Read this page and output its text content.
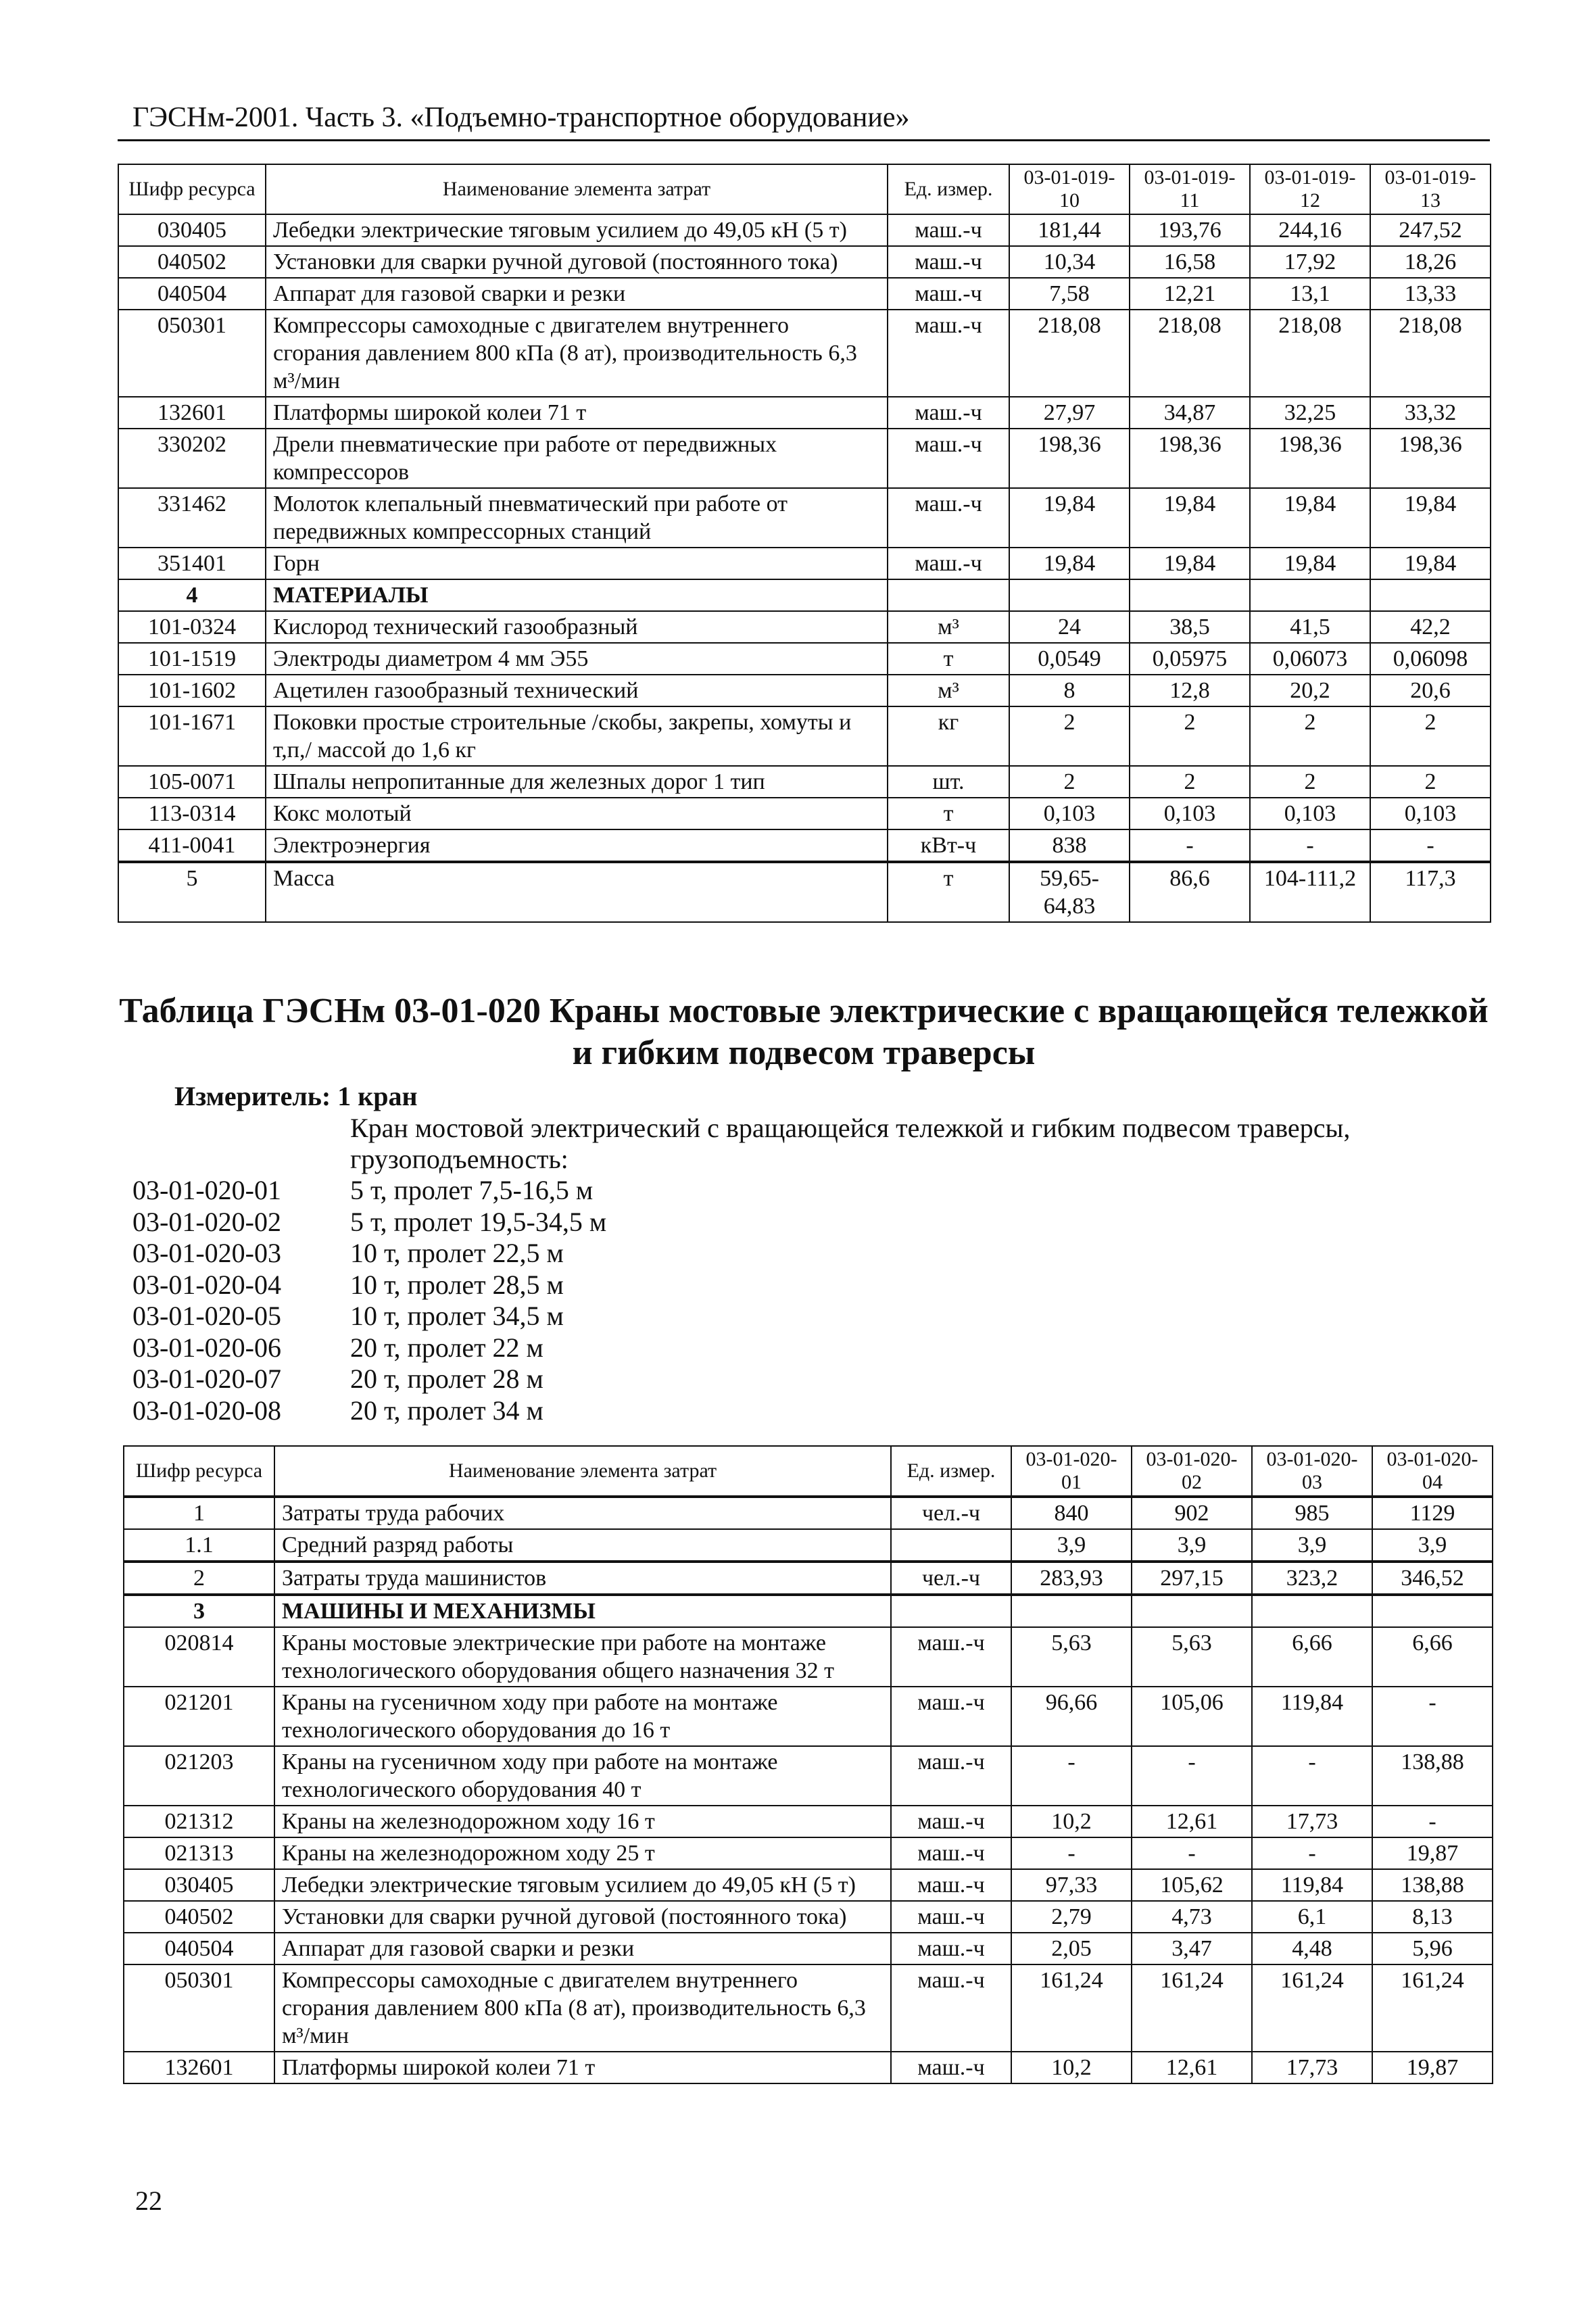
ГЭСНм-2001. Часть 3. «Подъемно-транспортное оборудование»
Шифр ресурса	Наименование элемента затрат	Ед. измер.	03-01-019-10	03-01-019-11	03-01-019-12	03-01-019-13
030405	Лебедки электрические тяговым усилием до 49,05 кН (5 т)	маш.-ч	181,44	193,76	244,16	247,52
040502	Установки для сварки ручной дуговой (постоянного тока)	маш.-ч	10,34	16,58	17,92	18,26
040504	Аппарат для газовой сварки и резки	маш.-ч	7,58	12,21	13,1	13,33
050301	Компрессоры самоходные с двигателем внутреннего сгорания давлением 800 кПа (8 ат), производительность 6,3 м³/мин	маш.-ч	218,08	218,08	218,08	218,08
132601	Платформы широкой колеи 71 т	маш.-ч	27,97	34,87	32,25	33,32
330202	Дрели пневматические при работе от передвижных компрессоров	маш.-ч	198,36	198,36	198,36	198,36
331462	Молоток клепальный пневматический при работе от передвижных компрессорных станций	маш.-ч	19,84	19,84	19,84	19,84
351401	Горн	маш.-ч	19,84	19,84	19,84	19,84
4	МАТЕРИАЛЫ					
101-0324	Кислород технический газообразный	м³	24	38,5	41,5	42,2
101-1519	Электроды диаметром 4 мм Э55	т	0,0549	0,05975	0,06073	0,06098
101-1602	Ацетилен газообразный технический	м³	8	12,8	20,2	20,6
101-1671	Поковки простые строительные /скобы, закрепы, хомуты и т,п,/ массой до 1,6 кг	кг	2	2	2	2
105-0071	Шпалы непропитанные для железных дорог 1 тип	шт.	2	2	2	2
113-0314	Кокс молотый	т	0,103	0,103	0,103	0,103
411-0041	Электроэнергия	кВт-ч	838	-	-	-
5	Масса	т	59,65-64,83	86,6	104-111,2	117,3
Таблица ГЭСНм 03-01-020 Краны мостовые электрические с вращающейся тележкой и гибким подвесом траверсы
Измеритель: 1 кран
Кран мостовой электрический с вращающейся тележкой и гибким подвесом траверсы, грузоподъемность:
03-01-020-01	5 т, пролет 7,5-16,5 м
03-01-020-02	5 т, пролет 19,5-34,5 м
03-01-020-03	10 т, пролет 22,5 м
03-01-020-04	10 т, пролет 28,5 м
03-01-020-05	10 т, пролет 34,5 м
03-01-020-06	20 т, пролет 22 м
03-01-020-07	20 т, пролет 28 м
03-01-020-08	20 т, пролет 34 м
Шифр ресурса	Наименование элемента затрат	Ед. измер.	03-01-020-01	03-01-020-02	03-01-020-03	03-01-020-04
1	Затраты труда рабочих	чел.-ч	840	902	985	1129
1.1	Средний разряд работы		3,9	3,9	3,9	3,9
2	Затраты труда машинистов	чел.-ч	283,93	297,15	323,2	346,52
3	МАШИНЫ И МЕХАНИЗМЫ					
020814	Краны мостовые электрические при работе на монтаже технологического оборудования общего назначения 32 т	маш.-ч	5,63	5,63	6,66	6,66
021201	Краны на гусеничном ходу при работе на монтаже технологического оборудования до 16 т	маш.-ч	96,66	105,06	119,84	-
021203	Краны на гусеничном ходу при работе на монтаже технологического оборудования 40 т	маш.-ч	-	-	-	138,88
021312	Краны на железнодорожном ходу 16 т	маш.-ч	10,2	12,61	17,73	-
021313	Краны на железнодорожном ходу 25 т	маш.-ч	-	-	-	19,87
030405	Лебедки электрические тяговым усилием до 49,05 кН (5 т)	маш.-ч	97,33	105,62	119,84	138,88
040502	Установки для сварки ручной дуговой (постоянного тока)	маш.-ч	2,79	4,73	6,1	8,13
040504	Аппарат для газовой сварки и резки	маш.-ч	2,05	3,47	4,48	5,96
050301	Компрессоры самоходные с двигателем внутреннего сгорания давлением 800 кПа (8 ат), производительность 6,3 м³/мин	маш.-ч	161,24	161,24	161,24	161,24
132601	Платформы широкой колеи 71 т	маш.-ч	10,2	12,61	17,73	19,87
22
